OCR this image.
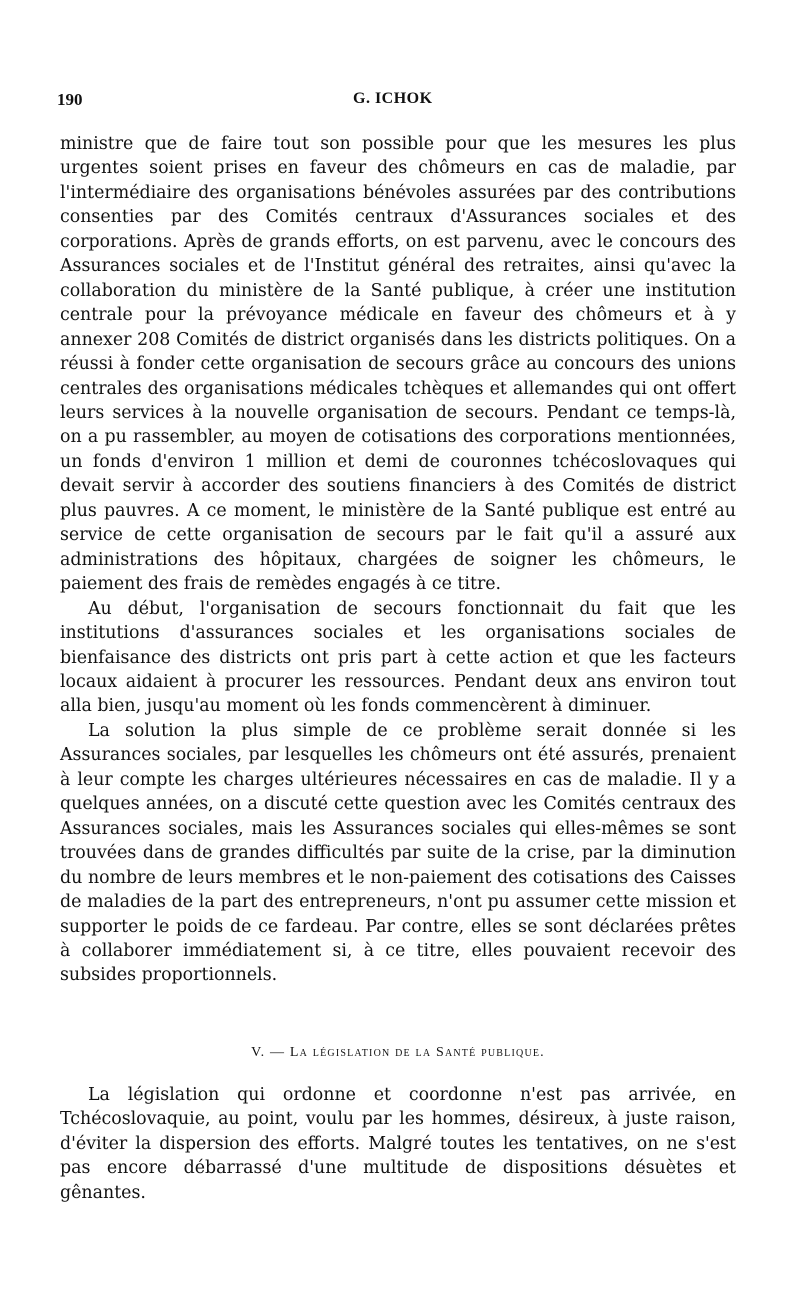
190	G. ICHOK

ministre que de faire tout son possible pour que les mesures les plus urgentes soient prises en faveur des chômeurs en cas de maladie, par l'intermédiaire des organisations bénévoles assurées par des contributions consenties par des Comités centraux d'Assurances sociales et des corporations. Après de grands efforts, on est parvenu, avec le concours des Assurances sociales et de l'Institut général des retraites, ainsi qu'avec la collaboration du ministère de la Santé publique, à créer une institution centrale pour la prévoyance médicale en faveur des chômeurs et à y annexer 208 Comités de district organisés dans les districts politiques. On a réussi à fonder cette organisation de secours grâce au concours des unions centrales des organisations médicales tchèques et allemandes qui ont offert leurs services à la nouvelle organisation de secours. Pendant ce temps-là, on a pu rassembler, au moyen de cotisations des corporations mentionnées, un fonds d'environ 1 million et demi de couronnes tchécoslovaques qui devait servir à accorder des soutiens financiers à des Comités de district plus pauvres. A ce moment, le ministère de la Santé publique est entré au service de cette organisation de secours par le fait qu'il a assuré aux administrations des hôpitaux, chargées de soigner les chômeurs, le paiement des frais de remèdes engagés à ce titre.

Au début, l'organisation de secours fonctionnait du fait que les institutions d'assurances sociales et les organisations sociales de bienfaisance des districts ont pris part à cette action et que les facteurs locaux aidaient à procurer les ressources. Pendant deux ans environ tout alla bien, jusqu'au moment où les fonds commencèrent à diminuer.

La solution la plus simple de ce problème serait donnée si les Assurances sociales, par lesquelles les chômeurs ont été assurés, prenaient à leur compte les charges ultérieures nécessaires en cas de maladie. Il y a quelques années, on a discuté cette question avec les Comités centraux des Assurances sociales, mais les Assurances sociales qui elles-mêmes se sont trouvées dans de grandes difficultés par suite de la crise, par la diminution du nombre de leurs membres et le non-paiement des cotisations des Caisses de maladies de la part des entrepreneurs, n'ont pu assumer cette mission et supporter le poids de ce fardeau. Par contre, elles se sont déclarées prêtes à collaborer immédiatement si, à ce titre, elles pouvaient recevoir des subsides proportionnels.

V. — La législation de la Santé publique.

La législation qui ordonne et coordonne n'est pas arrivée, en Tchécoslovaquie, au point, voulu par les hommes, désireux, à juste raison, d'éviter la dispersion des efforts. Malgré toutes les tentatives, on ne s'est pas encore débarrassé d'une multitude de dispositions désuètes et gênantes.
